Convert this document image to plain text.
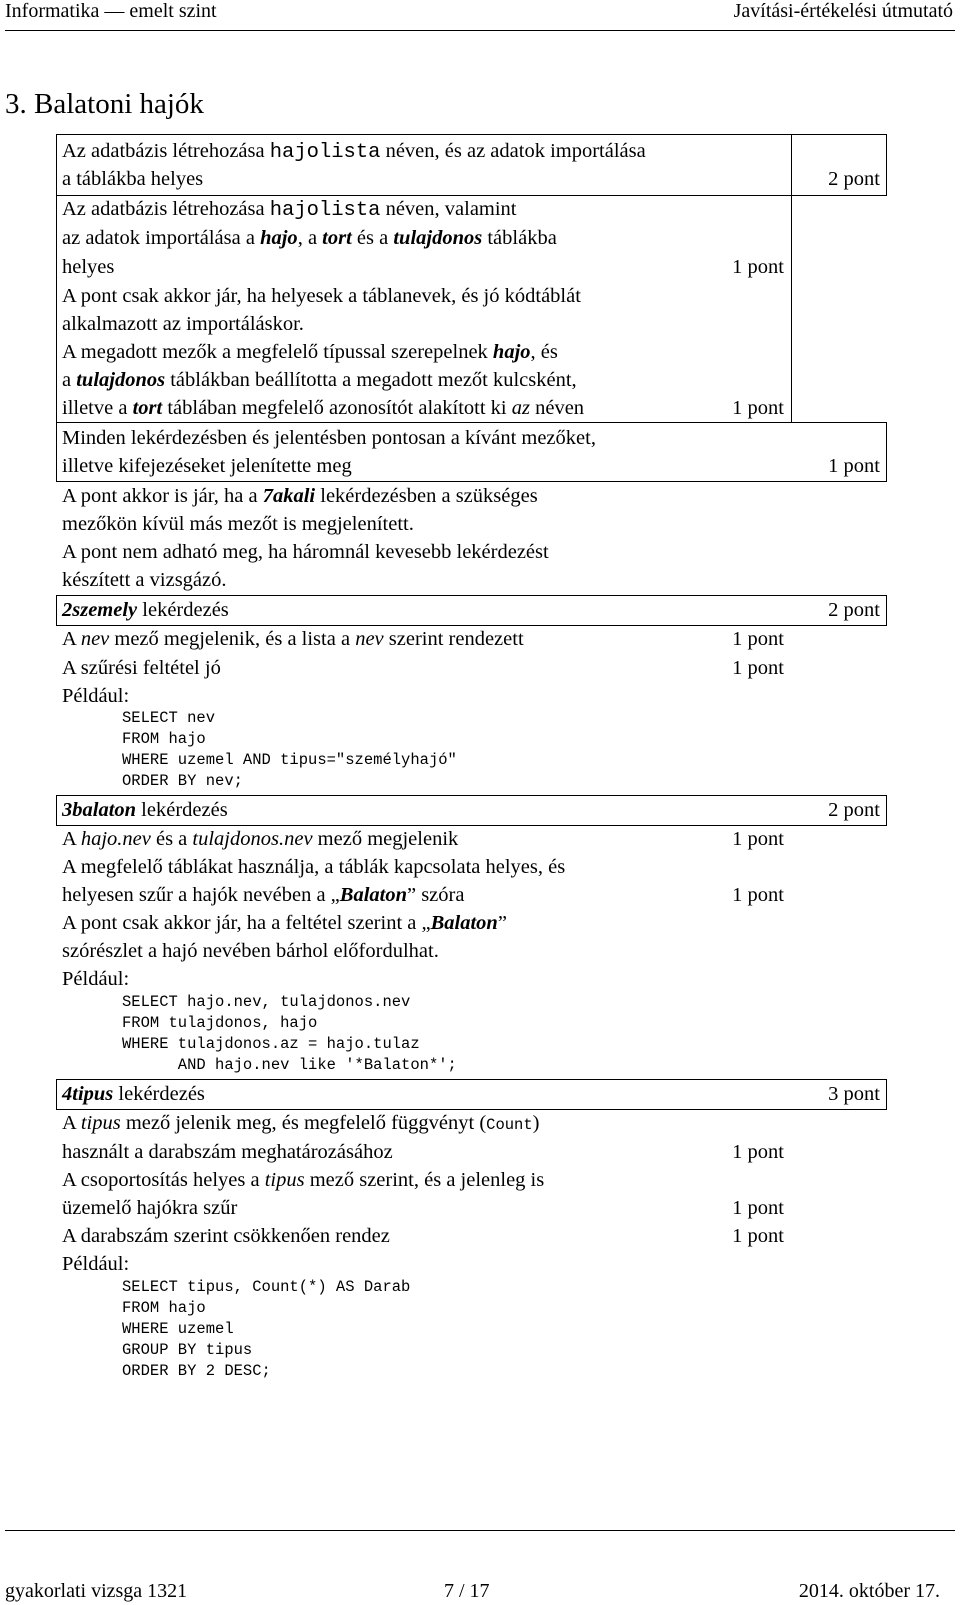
Informatika — emelt szint	Javítási-értékelési útmutató
3. Balatoni hajók
Az adatbázis létrehozása hajolista néven, és az adatok importálása
a táblákba helyes	2 pont
Az adatbázis létrehozása hajolista néven, valamint
az adatok importálása a hajo, a tort és a tulajdonos táblákba
helyes	1 pont
A pont csak akkor jár, ha helyesek a táblanevek, és jó kódtáblát
alkalmazott az importáláskor.
A megadott mezők a megfelelő típussal szerepelnek hajo, és
a tulajdonos táblákban beállította a megadott mezőt kulcsként,
illetve a tort táblában megfelelő azonosítót alakított ki az néven	1 pont
Minden lekérdezésben és jelentésben pontosan a kívánt mezőket,
illetve kifejezéseket jelenítette meg	1 pont
A pont akkor is jár, ha a 7akali lekérdezésben a szükséges
mezőkön kívül más mezőt is megjelenített.
A pont nem adható meg, ha háromnál kevesebb lekérdezést
készített a vizsgázó.
2szemely lekérdezés	2 pont
A nev mező megjelenik, és a lista a nev szerint rendezett	1 pont
A szűrési feltétel jó	1 pont
Például:
SELECT nev
FROM hajo
WHERE uzemel AND tipus="személyhajó"
ORDER BY nev;
3balaton lekérdezés	2 pont
A hajo.nev és a tulajdonos.nev mező megjelenik	1 pont
A megfelelő táblákat használja, a táblák kapcsolata helyes, és
helyesen szűr a hajók nevében a „Balaton” szóra	1 pont
A pont csak akkor jár, ha a feltétel szerint a „Balaton”
szórészlet a hajó nevében bárhol előfordulhat.
Például:
SELECT hajo.nev, tulajdonos.nev
FROM tulajdonos, hajo
WHERE tulajdonos.az = hajo.tulaz
AND hajo.nev like '*Balaton*';
4tipus lekérdezés	3 pont
A tipus mező jelenik meg, és megfelelő függvényt (Count)
használt a darabszám meghatározásához	1 pont
A csoportosítás helyes a tipus mező szerint, és a jelenleg is
üzemelő hajókra szűr	1 pont
A darabszám szerint csökkenően rendez	1 pont
Például:
SELECT tipus, Count(*) AS Darab
FROM hajo
WHERE uzemel
GROUP BY tipus
ORDER BY 2 DESC;
gyakorlati vizsga 1321	7 / 17	2014. október 17.
